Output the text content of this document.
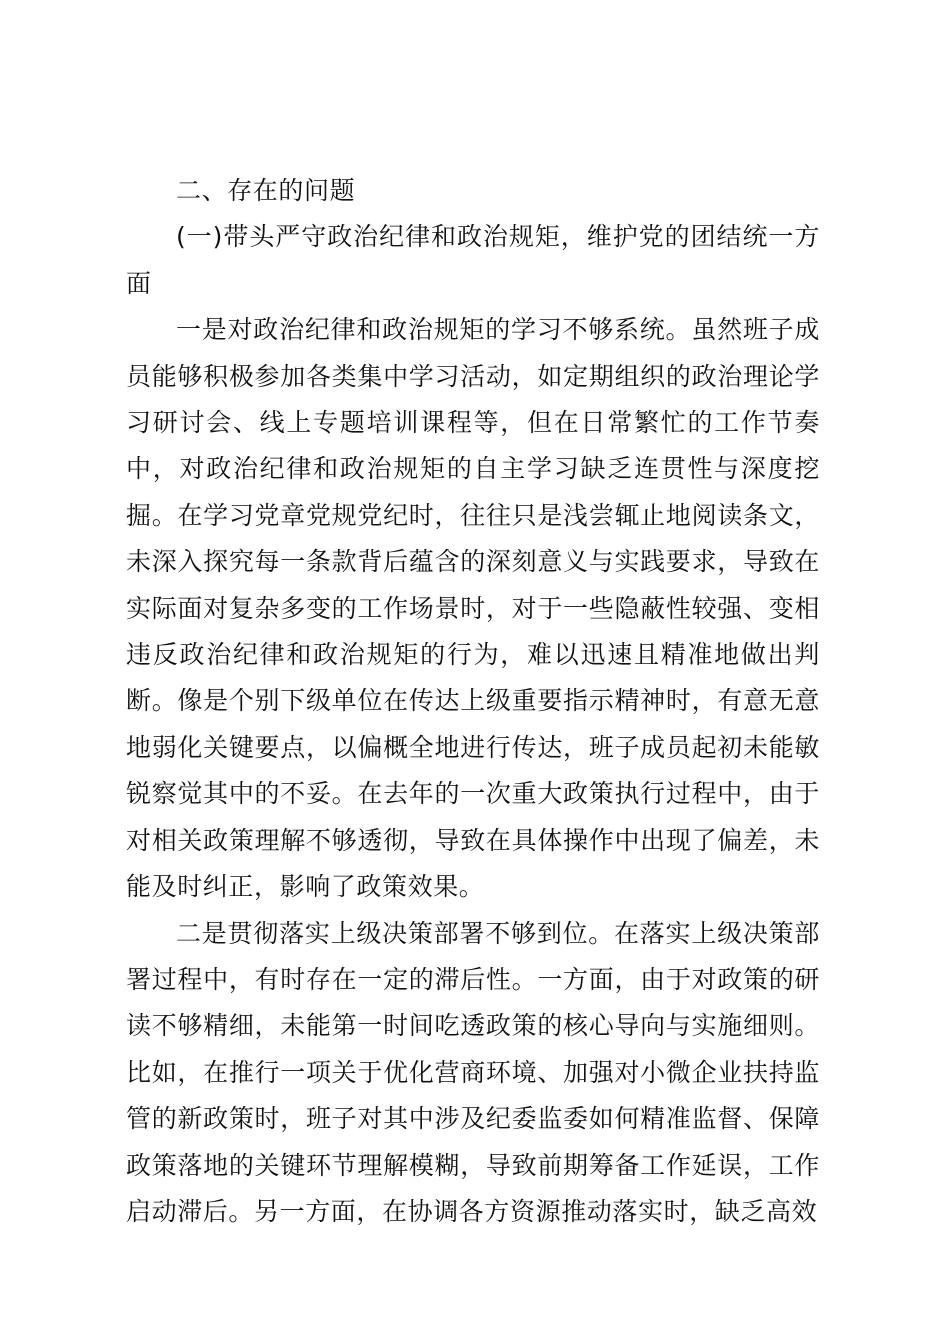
二、存在的问题

(一)带头严守政治纪律和政治规矩，维护党的团结统一方面

一是对政治纪律和政治规矩的学习不够系统。虽然班子成员能够积极参加各类集中学习活动，如定期组织的政治理论学习研讨会、线上专题培训课程等，但在日常繁忙的工作节奏中，对政治纪律和政治规矩的自主学习缺乏连贯性与深度挖掘。在学习党章党规党纪时，往往只是浅尝辄止地阅读条文，未深入探究每一条款背后蕴含的深刻意义与实践要求，导致在实际面对复杂多变的工作场景时，对于一些隐蔽性较强、变相违反政治纪律和政治规矩的行为，难以迅速且精准地做出判断。像是个别下级单位在传达上级重要指示精神时，有意无意地弱化关键要点，以偏概全地进行传达，班子成员起初未能敏锐察觉其中的不妥。在去年的一次重大政策执行过程中，由于对相关政策理解不够透彻，导致在具体操作中出现了偏差，未能及时纠正，影响了政策效果。

二是贯彻落实上级决策部署不够到位。在落实上级决策部署过程中，有时存在一定的滞后性。一方面，由于对政策的研读不够精细，未能第一时间吃透政策的核心导向与实施细则。比如，在推行一项关于优化营商环境、加强对小微企业扶持监管的新政策时，班子对其中涉及纪委监委如何精准监督、保障政策落地的关键环节理解模糊，导致前期筹备工作延误，工作启动滞后。另一方面，在协调各方资源推动落实时，缺乏高效
